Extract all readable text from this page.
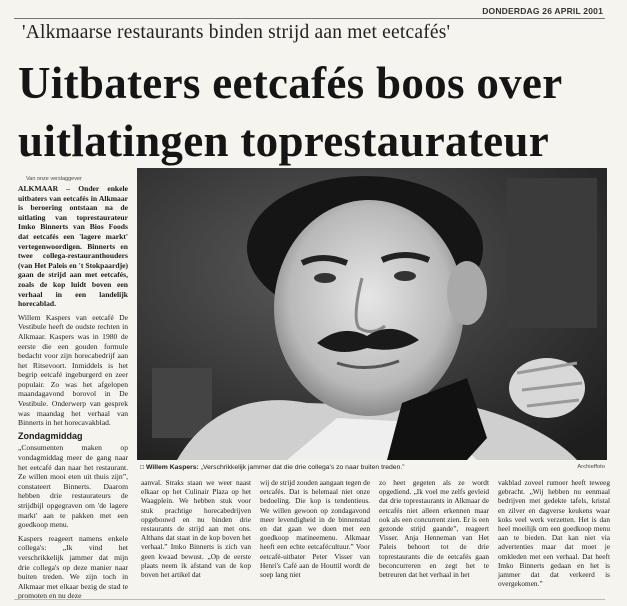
DONDERDAG 26 APRIL 2001
'Alkmaarse restaurants binden strijd aan met eetcafés'
Uitbaters eetcafés boos over
uitlatingen toprestaurateur
Van onze verslaggever

ALKMAAR – Onder enkele uitbaters van eetcafés in Alkmaar is beroering ontstaan na de uitlating van toprestaurateur Imko Binnerts van Bios Foods dat eetcafés een 'lagere markt' vertegenwoordigen. Binnerts en twee collega-restauranthouders (van Het Paleis en 't Stokpaardje) gaan de strijd aan met eetcafés, zoals de kop luidt boven een verhaal in een landelijk horecablad.

Willem Kaspers van eetcafé De Vestibule heeft de oudste rechten in Alkmaar. Kaspers was in 1980 de eerste die een gouden formule bedacht voor zijn horecabedrijf aan het Ritsevoort. Inmiddels is het begrip eetcafé ingeburgerd en zeer populair. Zo was het afgelopen maandagavond borovol in De Vestibule. Onderwerp van gesprek was maandag het verhaal van Binnerts in het horecavakblad.

Zondagmiddag

„Consumenten maken op vondagmiddag meer de gang naar het eetcafé dan naar het restaurant. Ze willen mooi eten uit thuis zijn”, constateert Binnerts. Daarom hebben drie restaurateurs de strijdbijl opgegraven om 'de lagere markt' aan te pakken met een goedkoop menu.

Kaspers reageert namens enkele collega's: „Ik vind het verschrikkelijk jammer dat mijn drie collega's op deze manier naar buiten treden. We zijn toch in Alkmaar met elkaar bezig de stad te promoten en nu deze

□ Willem Kaspers: „Verschrikkelijk jammer dat die drie collega's zo naar buiten treden.”	Archieffoto

aanval. Straks staan we weer naast elkaar op het Culinair Plaza op het Waagplein. We hebben stuk voor stuk prachtige horecabedrijven opgebouwd en nu binden drie restaurants de strijd aan met ons. Althans dat staat in de kop boven het verhaal.” Imko Binnerts is zich van geen kwaad bewust. „Op de eerste plaats neem ik afstand van de kop boven het artikel dat

wij de strijd zouden aangaan tegen de eetcafés. Dat is helemaal niet onze bedoeling. Die kop is tendentieus. We willen gewoon op zondagavond meer levendigheid in de binnenstad en dat gaan we doen met een goedkoop matineemenu. Alkmaar heeft een echte eetcafécultuur.” Voor eetcafé-uitbater Peter Visser van Henri's Café aan de Houttil wordt de soep lang niet

zo heet gegeten als ze wordt opgediend. „Ik voel me zelfs gevleid dat drie toprestaurants in Alkmaar de eetcafés niet alleen erkennen maar ook als een concurrent zien. Er is een gezonde strijd gaande”, reageert Visser. Anja Henneman van Het Paleis behoort tot de drie toprestaurants die de eetcafés gaan beconcurreren en zegt het te betreuren dat het verhaal in het

vakblad zoveel rumoer heeft teweeg gebracht. „Wij hebben nu eenmaal bedrijven met gedekte tafels, kristal en zilver en dagverse keukens waar koks veel werk verzetten. Het is dan heel moeilijk om een goedkoop menu aan te bieden. Dat kan niet via advertenties maar dat moet je omkleden met een verhaal. Dat heeft Imko Binnerts gedaan en het is jammer dat dat verkeerd is overgekomen.”
